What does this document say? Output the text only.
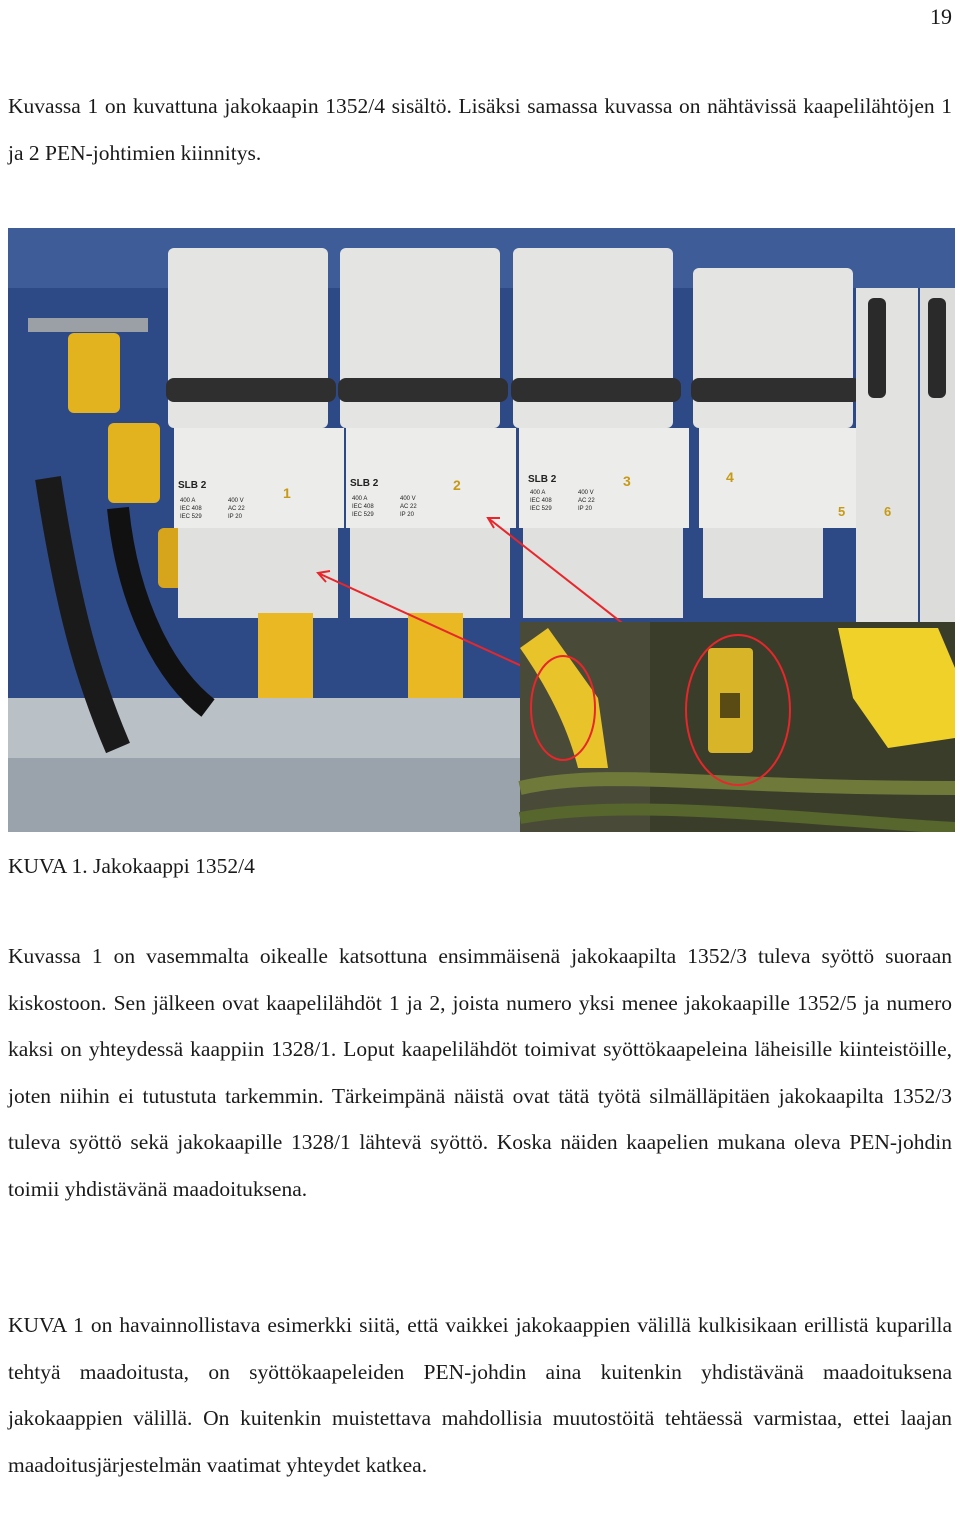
19

Kuvassa 1 on kuvattuna jakokaapin 1352/4 sisältö. Lisäksi samassa kuvassa on nähtävissä kaapelilähtöjen 1 ja 2 PEN-johtimien kiinnitys.

SLB 2
400 A
IEC 408
IEC 529
400 V
AC 22
IP 20
1
SLB 2
400 A
IEC 408
IEC 529
400 V
AC 22
IP 20
2	SLB 2
400 A
IEC 408
IEC 529
400 V
AC 22
IP 20
3	4
5	6
KUVA 1. Jakokaappi 1352/4

Kuvassa 1 on vasemmalta oikealle katsottuna ensimmäisenä jakokaapilta 1352/3 tuleva syöttö suoraan kiskostoon. Sen jälkeen ovat kaapelilähdöt 1 ja 2, joista numero yksi menee jakokaapille 1352/5 ja numero kaksi on yhteydessä kaappiin 1328/1. Loput kaapelilähdöt toimivat syöttökaapeleina läheisille kiinteistöille, joten niihin ei tutustuta tarkemmin. Tärkeimpänä näistä ovat tätä työtä silmälläpitäen jakokaapilta 1352/3 tuleva syöttö sekä jakokaapille 1328/1 lähtevä syöttö. Koska näiden kaapelien mukana oleva PEN-johdin toimii yhdistävänä maadoituksena.

KUVA 1 on havainnollistava esimerkki siitä, että vaikkei jakokaappien välillä kulkisikaan erillistä kuparilla tehtyä maadoitusta, on syöttökaapeleiden PEN-johdin aina kuitenkin yhdistävänä maadoituksena jakokaappien välillä. On kuitenkin muistettava mahdollisia muutostöitä tehtäessä varmistaa, ettei laajan maadoitusjärjestelmän vaatimat yhteydet katkea.
